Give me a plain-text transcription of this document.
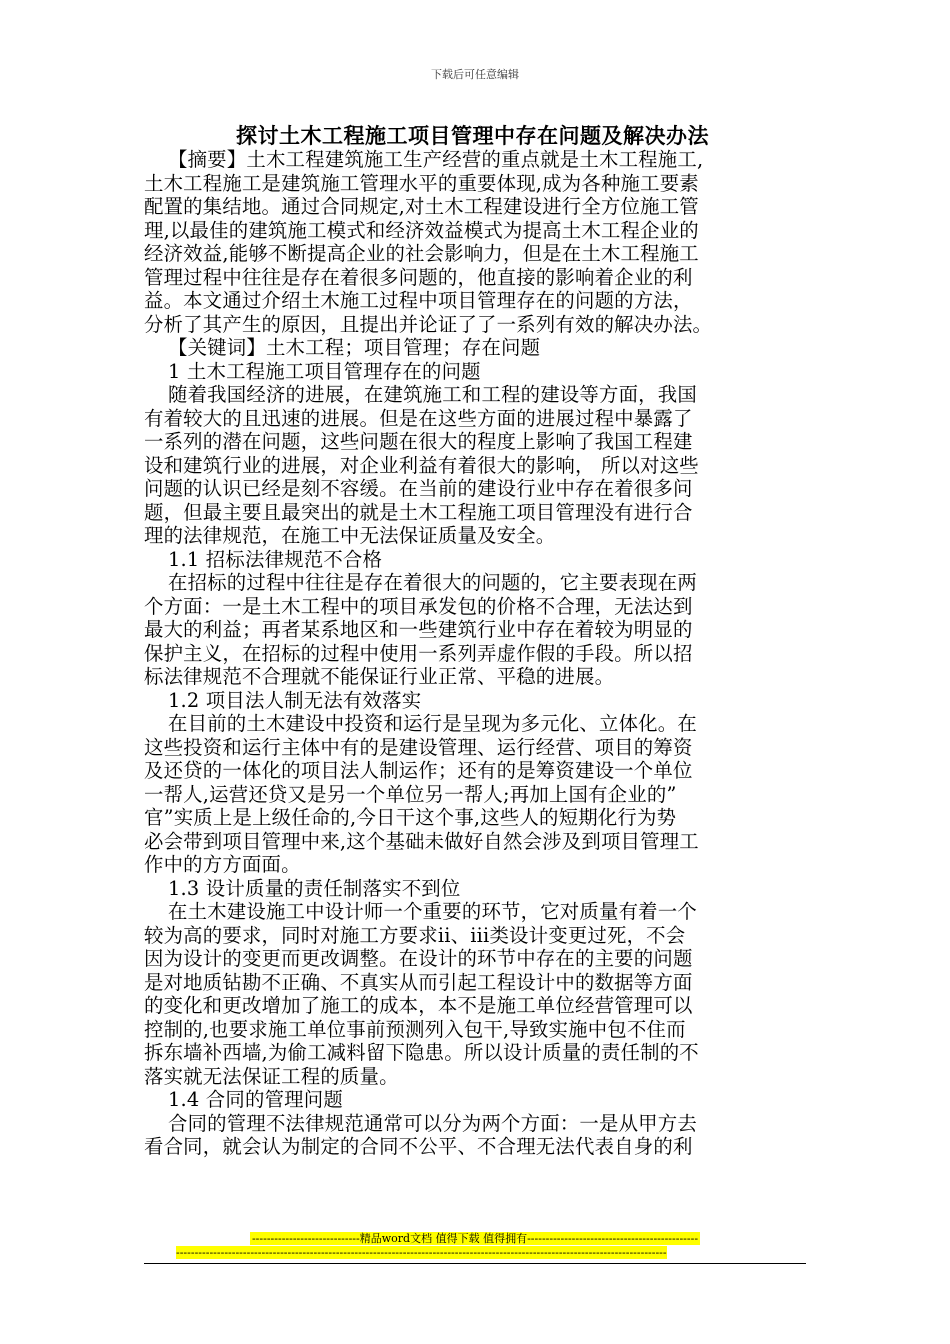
下载后可任意编辑
探讨土木工程施工项目管理中存在问题及解决办法
【摘要】土木工程建筑施工生产经营的重点就是土木工程施工,
土木工程施工是建筑施工管理水平的重要体现,成为各种施工要素
配置的集结地。通过合同规定,对土木工程建设进行全方位施工管
理,以最佳的建筑施工模式和经济效益模式为提高土木工程企业的
经济效益,能够不断提高企业的社会影响力，但是在土木工程施工
管理过程中往往是存在着很多问题的，他直接的影响着企业的利
益。本文通过介绍土木施工过程中项目管理存在的问题的方法，
分析了其产生的原因，且提出并论证了了一系列有效的解决办法。
【关键词】土木工程；项目管理；存在问题
1 土木工程施工项目管理存在的问题
随着我国经济的进展，在建筑施工和工程的建设等方面，我国
有着较大的且迅速的进展。但是在这些方面的进展过程中暴露了
一系列的潜在问题，这些问题在很大的程度上影响了我国工程建
设和建筑行业的进展，对企业利益有着很大的影响， 所以对这些
问题的认识已经是刻不容缓。在当前的建设行业中存在着很多问
题，但最主要且最突出的就是土木工程施工项目管理没有进行合
理的法律规范，在施工中无法保证质量及安全。
1.1 招标法律规范不合格
在招标的过程中往往是存在着很大的问题的，它主要表现在两
个方面：一是土木工程中的项目承发包的价格不合理，无法达到
最大的利益；再者某系地区和一些建筑行业中存在着较为明显的
保护主义，在招标的过程中使用一系列弄虚作假的手段。所以招
标法律规范不合理就不能保证行业正常、平稳的进展。
1.2 项目法人制无法有效落实
在目前的土木建设中投资和运行是呈现为多元化、立体化。在
这些投资和运行主体中有的是建设管理、运行经营、项目的筹资
及还贷的一体化的项目法人制运作；还有的是筹资建设一个单位
一帮人,运营还贷又是另一个单位另一帮人;再加上国有企业的”
官”实质上是上级任命的,今日干这个事,这些人的短期化行为势
必会带到项目管理中来,这个基础未做好自然会涉及到项目管理工
作中的方方面面。
1.3 设计质量的责任制落实不到位
在土木建设施工中设计师一个重要的环节，它对质量有着一个
较为高的要求，同时对施工方要求ii、iii类设计变更过死，不会
因为设计的变更而更改调整。在设计的环节中存在的主要的问题
是对地质钻勘不正确、不真实从而引起工程设计中的数据等方面
的变化和更改增加了施工的成本，本不是施工单位经营管理可以
控制的,也要求施工单位事前预测列入包干,导致实施中包不住而
拆东墙补西墙,为偷工减料留下隐患。所以设计质量的责任制的不
落实就无法保证工程的质量。
1.4 合同的管理问题
合同的管理不法律规范通常可以分为两个方面：一是从甲方去
看合同，就会认为制定的合同不公平、不合理无法代表自身的利
-----------------------------精品word文档 值得下载 值得拥有----------------------------------------------
------------------------------------------------------------------------------------------------------------------------------------
